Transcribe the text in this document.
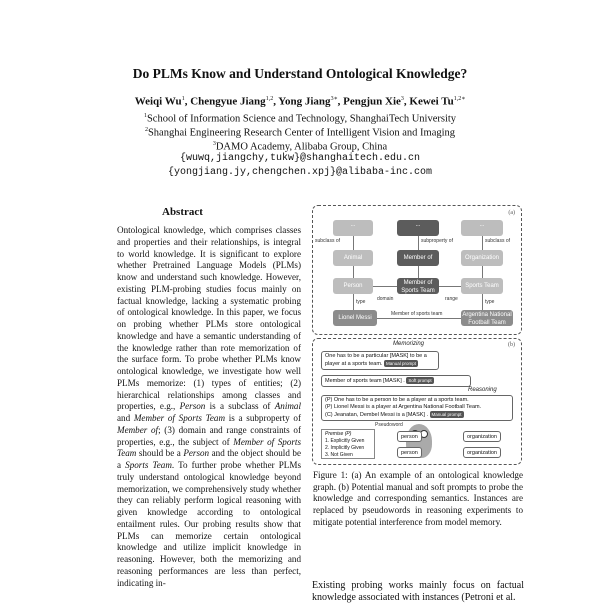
Do PLMs Know and Understand Ontological Knowledge?
Weiqi Wu$^1$, Chengyue Jiang$^{1,2}$, Yong Jiang$^{3∗}$, Pengjun Xie$^3$, Kewei $Tu^{1,2∗}$
$^1$School of Information Science and Technology, ShanghaiTech University
$^2$Shanghai Engineering Research Center of Intelligent Vision and Imaging
$^3$DAMO Academy, Alibaba Group, China
{wuwq,jiangchy,tukw}@shanghaitech.edu.cn
{yongjiang.jy,chengchen.xpj}@alibaba-inc.com
Abstract
Ontological knowledge, which comprises classes and properties and their relationships, is integral to world knowledge. It is significant to explore whether Pretrained Language Models (PLMs) know and understand such knowledge. However, existing PLM-probing studies focus mainly on factual knowledge, lacking a systematic probing of ontological knowledge. In this paper, we focus on probing whether PLMs store ontological knowledge and have a semantic understanding of the knowledge rather than rote memorization of the surface form. To probe whether PLMs know ontological knowledge, we investigate how well PLMs memorize: (1) types of entities; (2) hierarchical relationships among classes and properties, e.g., Person is a subclass of Animal and Member of Sports Team is a subproperty of Member of; (3) domain and range constraints of properties, e.g., the subject of Member of Sports Team should be a Person and the object should be a Sports Team. To further probe whether PLMs truly understand ontological knowledge beyond memorization, we comprehensively study whether they can reliably perform logical reasoning with given knowledge according to ontological entailment rules. Our probing results show that PLMs can memorize certain ontological knowledge and utilize implicit knowledge in reasoning. However, both the memorizing and reasoning performances are less than perfect, indicating in-
(a)
...	...	...
subclass of	subproperty of	subclass of
Animal	Member of	Organization
Person	Member of Sports Team
Sports Team
domain	range
type	type
Lionel Messi
Member of sports team	Argentina National Football Team
(b)
Memorizing
One has to be a particular [MASK] to be a player at a sports team. Manual prompt
Member of sports team [MASK] . Soft prompt
Reasoning
(P) One has to be a person to be a player at a sports team.
(P) Lionel Messi is a player at Argentina National Football Team.
(C) Jeanatan, Dembel Messi is a [MASK] . Manual prompt
Pseudoword
Premise (P)
1. Explicitly Given
2. Implicitly Given
3. Not Given
person	organization
person	organization
Figure 1: (a) An example of an ontological knowledge graph. (b) Potential manual and soft prompts to probe the knowledge and corresponding semantics. Instances are replaced by pseudowords in reasoning experiments to mitigate potential interference from model memory.
Existing probing works mainly focus on factual knowledge associated with instances (Petroni et al.
